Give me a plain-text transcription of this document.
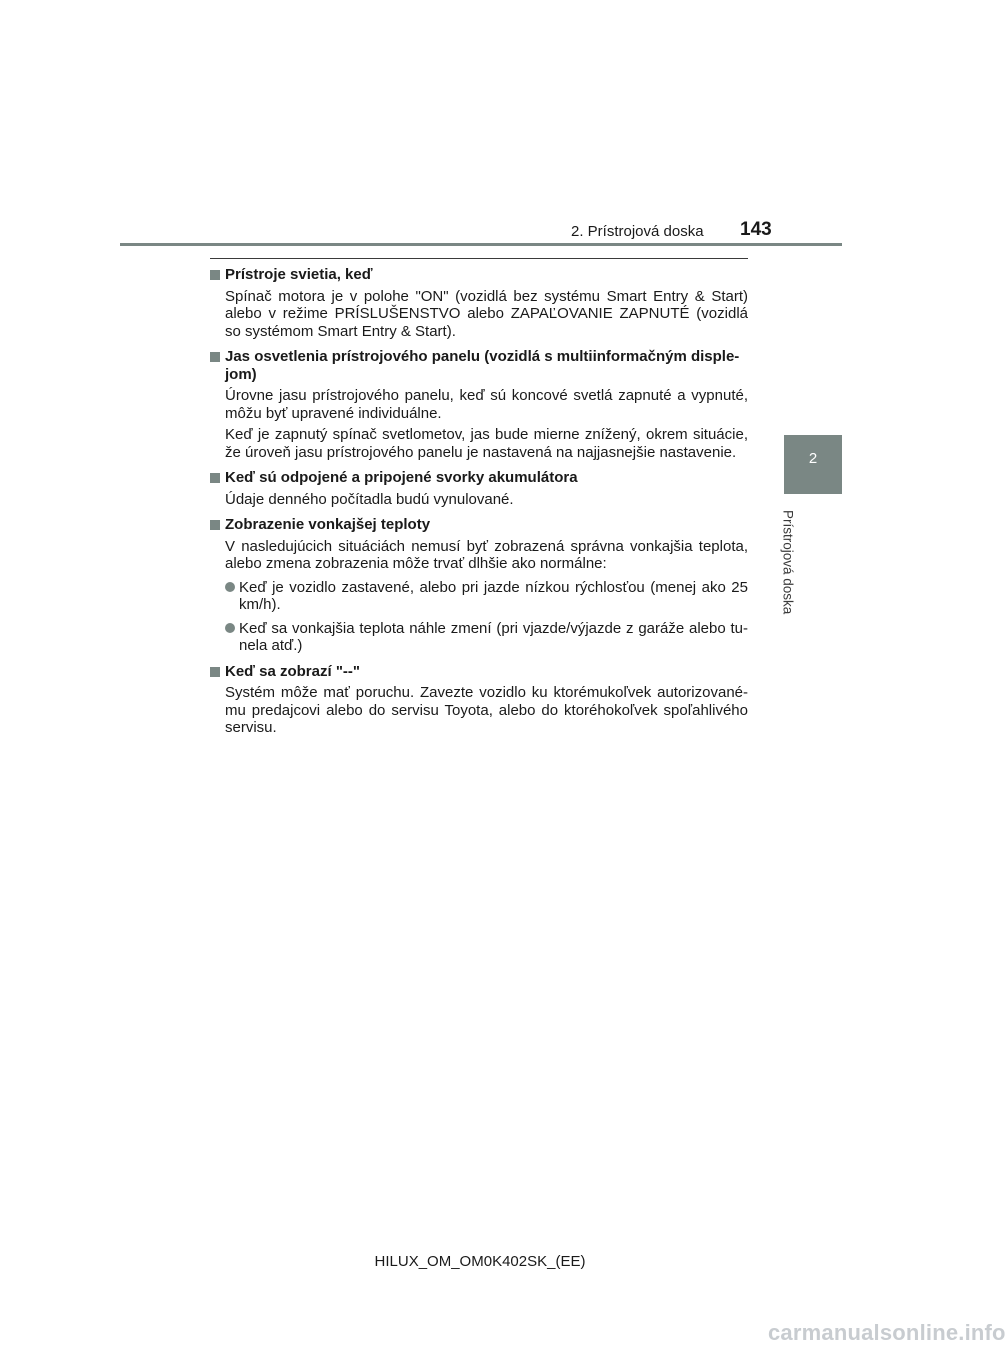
2. Prístrojová doska 143
2
Prístrojová doska
Prístroje svietia, keď
Spínač motora je v polohe "ON" (vozidlá bez systému Smart Entry & Start) alebo v režime PRÍSLUŠENSTVO alebo ZAPAĽOVANIE ZAPNUTÉ (vozidlá so systémom Smart Entry & Start).
Jas osvetlenia prístrojového panelu (vozidlá s multiinformačným disple-jom)
Úrovne jasu prístrojového panelu, keď sú koncové svetlá zapnuté a vypnuté, môžu byť upravené individuálne.
Keď je zapnutý spínač svetlometov, jas bude mierne znížený, okrem situácie, že úroveň jasu prístrojového panelu je nastavená na najjasnejšie nastavenie.
Keď sú odpojené a pripojené svorky akumulátora
Údaje denného počítadla budú vynulované.
Zobrazenie vonkajšej teploty
V nasledujúcich situáciách nemusí byť zobrazená správna vonkajšia teplota, alebo zmena zobrazenia môže trvať dlhšie ako normálne:
Keď je vozidlo zastavené, alebo pri jazde nízkou rýchlosťou (menej ako 25 km/h).
Keď sa vonkajšia teplota náhle zmení (pri vjazde/výjazde z garáže alebo tu-nela atď.)
Keď sa zobrazí "--"
Systém môže mať poruchu. Zavezte vozidlo ku ktorémukoľvek autorizované-mu predajcovi alebo do servisu Toyota, alebo do ktoréhokoľvek spoľahlivého servisu.
HILUX_OM_OM0K402SK_(EE)
carmanualsonline.info
